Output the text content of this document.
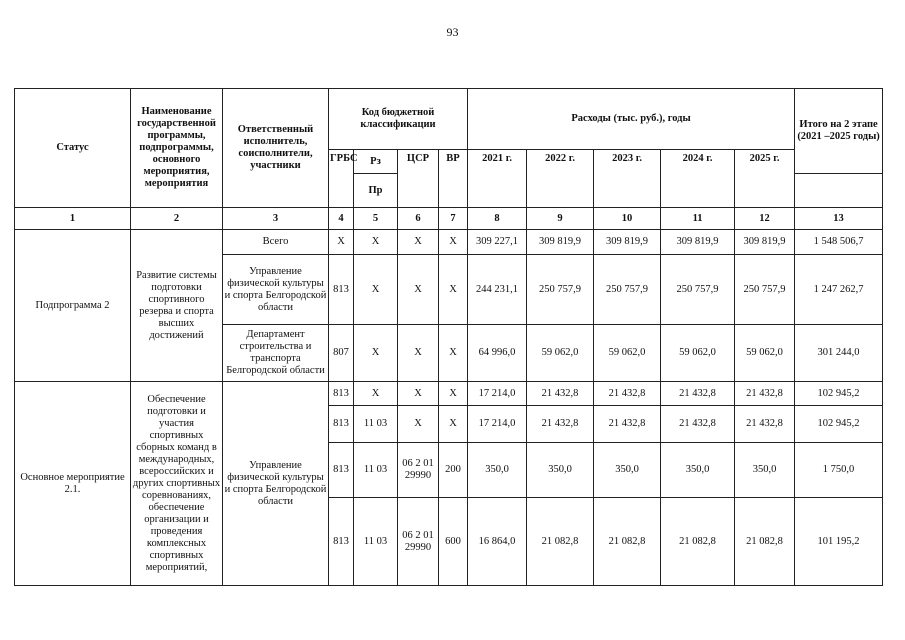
93
Статус	Наименование государственной программы, подпрограммы, основного мероприятия, мероприятия	Ответственный исполнитель, соисполнители, участники	Код бюджетной классификации				Расходы (тыс. руб.), годы					Итого на 2 этапе (2021 –2025 годы)
			ГРБС	Рз	ЦСР	ВР	2021 г.	2022 г.	2023 г.	2024 г.	2025 г.	
				Пр								
1	2	3	4	5	6	7	8	9	10	11	12	13
Подпрограмма 2	Развитие системы подготовки спортивного резерва и спорта высших достижений	Всего	Х	Х	Х	Х	309 227,1	309 819,9	309 819,9	309 819,9	309 819,9	1 548 506,7
		Управление физической культуры и спорта Белгородской области	813	Х	Х	Х	244 231,1	250 757,9	250 757,9	250 757,9	250 757,9	1 247 262,7
		Департамент строительства и транспорта Белгородской области	807	Х	Х	Х	64 996,0	59 062,0	59 062,0	59 062,0	59 062,0	301 244,0
Основное мероприятие 2.1.	Обеспечение подготовки и участия спортивных сборных команд в международных, всероссийских и других спортивных соревнованиях, обеспечение организации и проведения комплексных спортивных мероприятий,	Управление физической культуры и спорта Белгородской области	813	Х	Х	Х	17 214,0	21 432,8	21 432,8	21 432,8	21 432,8	102 945,2
			813	11 03	Х	Х	17 214,0	21 432,8	21 432,8	21 432,8	21 432,8	102 945,2
			813	11 03	06 2 01 29990	200	350,0	350,0	350,0	350,0	350,0	1 750,0
			813	11 03	06 2 01 29990	600	16 864,0	21 082,8	21 082,8	21 082,8	21 082,8	101 195,2
